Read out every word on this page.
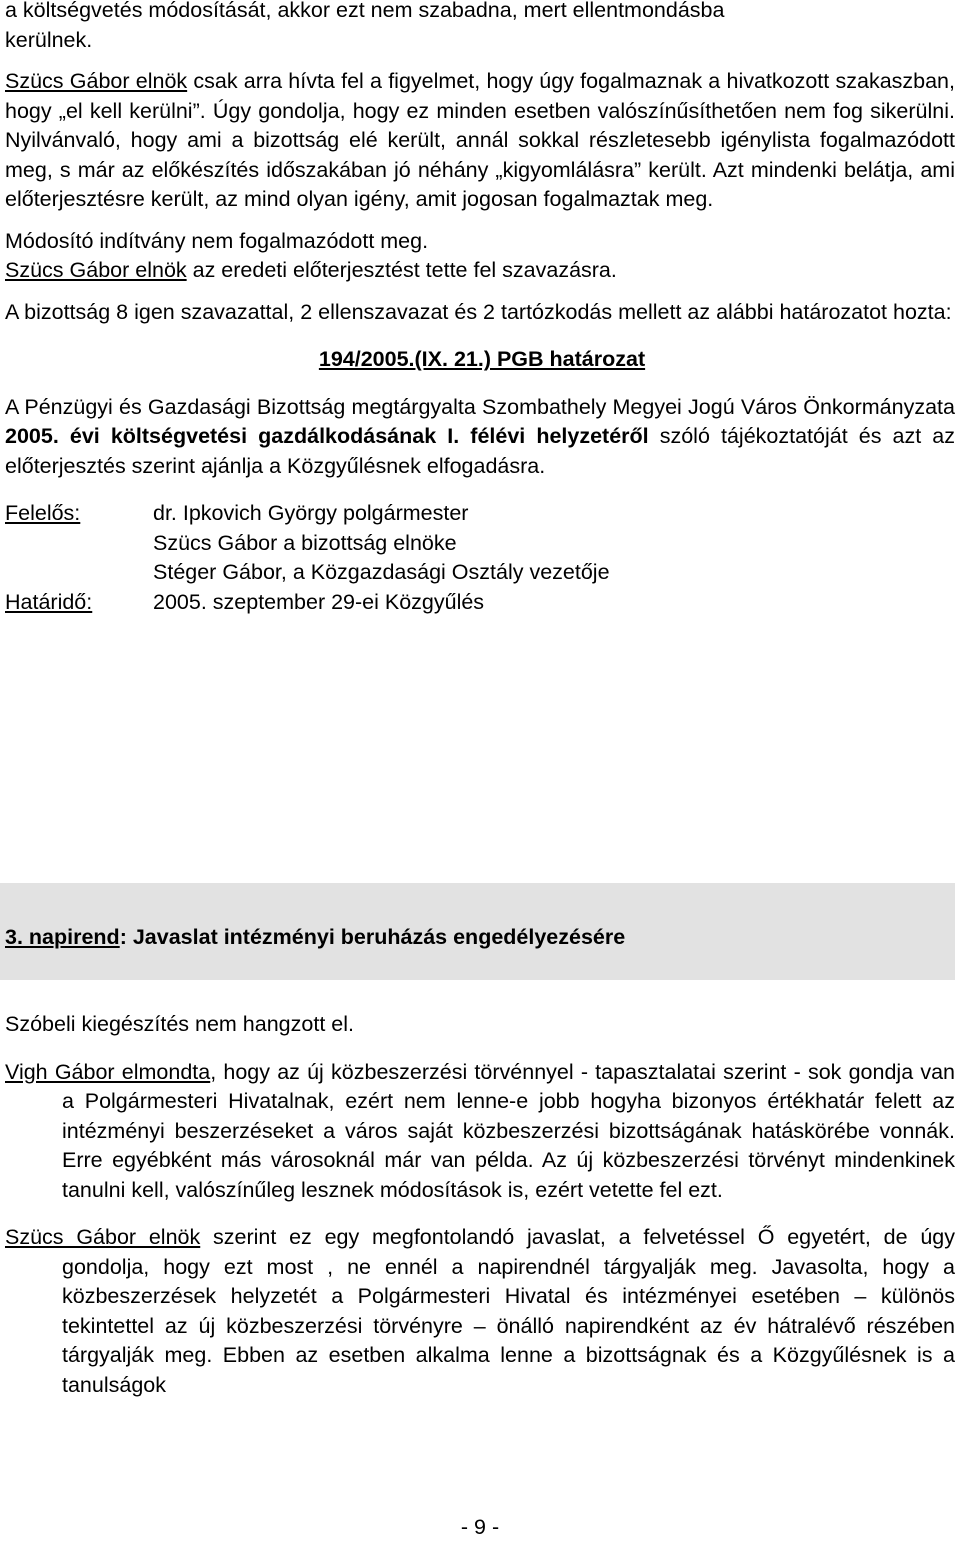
a költségvetés módosítását, akkor ezt nem szabadna, mert ellentmondásba
kerülnek.

Szücs Gábor elnök csak arra hívta fel a figyelmet, hogy úgy fogalmaznak a hivatkozott szakaszban, hogy „el kell kerülni”. Úgy gondolja, hogy ez minden esetben valószínűsíthetően nem fog sikerülni. Nyilvánvaló, hogy ami a bizottság elé került, annál sokkal részletesebb igénylista fogalmazódott meg, s már az előkészítés időszakában jó néhány „kigyomlálásra” került. Azt mindenki belátja, ami előterjesztésre került, az mind olyan igény, amit jogosan fogalmaztak meg.

Módosító indítvány nem fogalmazódott meg.
Szücs Gábor elnök az eredeti előterjesztést tette fel szavazásra.

A bizottság 8 igen szavazattal, 2 ellenszavazat és 2 tartózkodás mellett az alábbi határozatot hozta:

194/2005.(IX. 21.) PGB határozat

A Pénzügyi és Gazdasági Bizottság megtárgyalta Szombathely Megyei Jogú Város Önkormányzata 2005. évi költségvetési gazdálkodásának I. félévi helyzetéről szóló tájékoztatóját és azt az előterjesztés szerint ajánlja a Közgyűlésnek elfogadásra.

Felelős:	dr. Ipkovich György polgármester
Szücs Gábor a bizottság elnöke
Stéger Gábor, a Közgazdasági Osztály vezetője
Határidő:	2005. szeptember 29-ei Közgyűlés
3. napirend: Javaslat intézményi beruházás engedélyezésére

Szóbeli kiegészítés nem hangzott el.

Vigh Gábor elmondta, hogy az új közbeszerzési törvénnyel - tapasztalatai szerint - sok gondja van a Polgármesteri Hivatalnak, ezért nem lenne-e jobb hogyha bizonyos értékhatár felett az intézményi beszerzéseket a város saját közbeszerzési bizottságának hatáskörébe vonnák. Erre egyébként más városoknál már van példa. Az új közbeszerzési törvényt mindenkinek tanulni kell, valószínűleg lesznek módosítások is, ezért vetette fel ezt.

Szücs Gábor elnök szerint ez egy megfontolandó javaslat, a felvetéssel Ő egyetért, de úgy gondolja, hogy ezt most , ne ennél a napirendnél tárgyalják meg. Javasolta, hogy a közbeszerzések helyzetét a Polgármesteri Hivatal és intézményei esetében – különös tekintettel az új közbeszerzési törvényre – önálló napirendként az év hátralévő részében tárgyalják meg. Ebben az esetben alkalma lenne a bizottságnak és a Közgyűlésnek is a tanulságok

- 9 -
